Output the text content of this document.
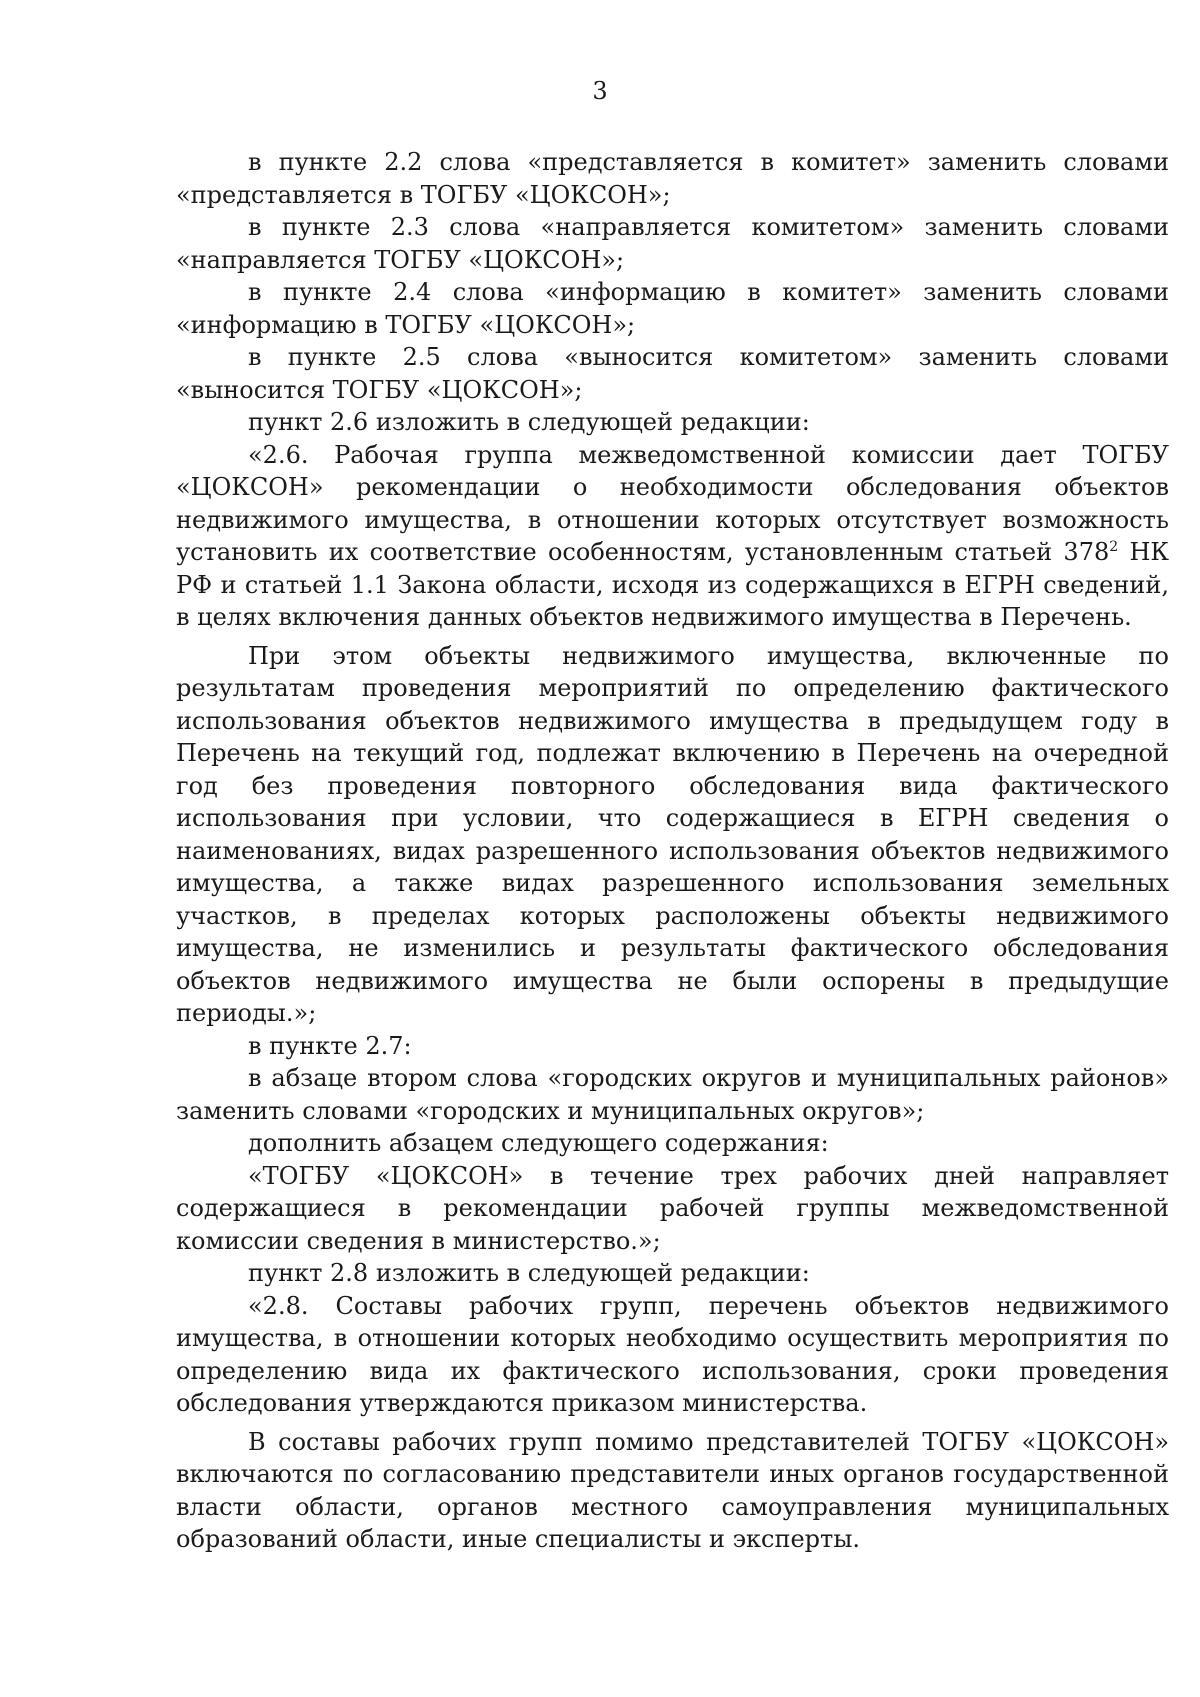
3

в пункте 2.2 слова «представляется в комитет» заменить словами «представляется в ТОГБУ «ЦОКСОН»;

в пункте 2.3 слова «направляется комитетом» заменить словами «направляется ТОГБУ «ЦОКСОН»;

в пункте 2.4 слова «информацию в комитет» заменить словами «информацию в ТОГБУ «ЦОКСОН»;

в пункте 2.5 слова «выносится комитетом» заменить словами «выносится ТОГБУ «ЦОКСОН»;

пункт 2.6 изложить в следующей редакции:

«2.6. Рабочая группа межведомственной комиссии дает ТОГБУ «ЦОКСОН» рекомендации о необходимости обследования объектов недвижимого имущества, в отношении которых отсутствует возможность установить их соответствие особенностям, установленным статьей $378^2$ НК РФ и статьей 1.1 Закона области, исходя из содержащихся в ЕГРН сведений, в целях включения данных объектов недвижимого имущества в Перечень.

При этом объекты недвижимого имущества, включенные по результатам проведения мероприятий по определению фактического использования объектов недвижимого имущества в предыдущем году в Перечень на текущий год, подлежат включению в Перечень на очередной год без проведения повторного обследования вида фактического использования при условии, что содержащиеся в ЕГРН сведения о наименованиях, видах разрешенного использования объектов недвижимого имущества, а также видах разрешенного использования земельных участков, в пределах которых расположены объекты недвижимого имущества, не изменились и результаты фактического обследования объектов недвижимого имущества не были оспорены в предыдущие периоды.»;

в пункте 2.7:

в абзаце втором слова «городских округов и муниципальных районов» заменить словами «городских и муниципальных округов»;

дополнить абзацем следующего содержания:

«ТОГБУ «ЦОКСОН» в течение трех рабочих дней направляет содержащиеся в рекомендации рабочей группы межведомственной комиссии сведения в министерство.»;

пункт 2.8 изложить в следующей редакции:

«2.8. Составы рабочих групп, перечень объектов недвижимого имущества, в отношении которых необходимо осуществить мероприятия по определению вида их фактического использования, сроки проведения обследования утверждаются приказом министерства.

В составы рабочих групп помимо представителей ТОГБУ «ЦОКСОН» включаются по согласованию представители иных органов государственной власти области, органов местного самоуправления муниципальных образований области, иные специалисты и эксперты.
